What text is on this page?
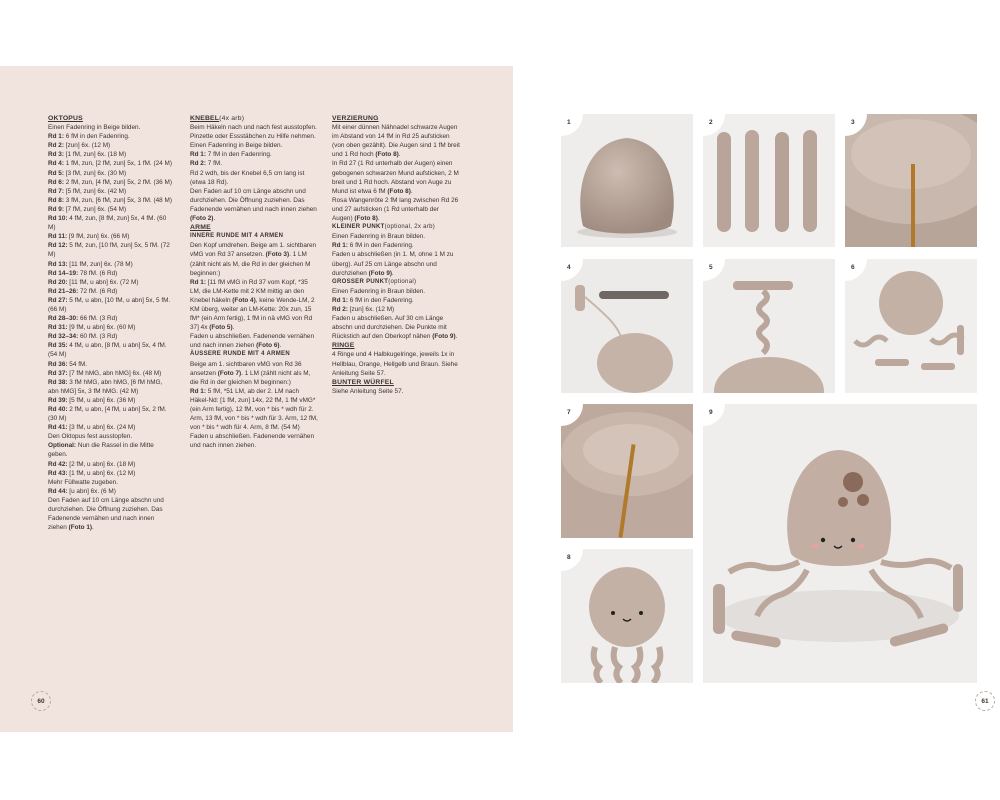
OKTOPUS

Einen Fadenring in Beige bilden.

Rd 1: 6 fM in den Fadenring.

Rd 2: [zun] 6x. (12 M)

Rd 3: [1 fM, zun] 6x. (18 M)

Rd 4: 1 fM, zun, [2 fM, zun] 5x, 1 fM. (24 M)

Rd 5: [3 fM, zun] 6x. (30 M)

Rd 6: 2 fM, zun, [4 fM, zun] 5x, 2 fM. (36 M)

Rd 7: [5 fM, zun] 6x. (42 M)

Rd 8: 3 fM, zun, [6 fM, zun] 5x, 3 fM. (48 M)

Rd 9: [7 fM, zun] 6x. (54 M)

Rd 10: 4 fM, zun, [8 fM, zun] 5x, 4 fM. (60 M)

Rd 11: [9 fM, zun] 6x. (66 M)

Rd 12: 5 fM, zun, [10 fM, zun] 5x, 5 fM. (72 M)

Rd 13: [11 fM, zun] 6x. (78 M)

Rd 14–19: 78 fM. (6 Rd)

Rd 20: [11 fM, u abn] 6x. (72 M)

Rd 21–26: 72 fM. (6 Rd)

Rd 27: 5 fM, u abn, [10 fM, u abn] 5x, 5 fM. (66 M)

Rd 28–30: 66 fM. (3 Rd)

Rd 31: [9 fM, u abn] 6x. (60 M)

Rd 32–34: 60 fM. (3 Rd)

Rd 35: 4 fM, u abn, [8 fM, u abn] 5x, 4 fM. (54 M)

Rd 36: 54 fM.

Rd 37: [7 fM hMG, abn hMG] 6x. (48 M)

Rd 38: 3 fM hMG, abn hMG, [6 fM hMG, abn hMG] 5x, 3 fM hMG. (42 M)

Rd 39: [5 fM, u abn] 6x. (36 M)

Rd 40: 2 fM, u abn, [4 fM, u abn] 5x, 2 fM. (30 M)

Rd 41: [3 fM, u abn] 6x. (24 M)

Den Oktopus fest ausstopfen.

Optional: Nun die Rassel in die Mitte geben.

Rd 42: [2 fM, u abn] 6x. (18 M)

Rd 43: [1 fM, u abn] 6x. (12 M)

Mehr Füllwatte zugeben.

Rd 44: [u abn] 6x. (6 M)

Den Faden auf 10 cm Länge abschn und durchziehen. Die Öffnung zuziehen. Das Fadenende vernähen und nach innen ziehen (Foto 1).

KNEBEL(4x arb)

Beim Häkeln nach und nach fest ausstopfen. Pinzette oder Essstäbchen zu Hilfe nehmen.

Einen Fadenring in Beige bilden.

Rd 1: 7 fM in den Fadenring.

Rd 2: 7 fM.

Rd 2 wdh, bis der Knebel 6,5 cm lang ist (etwa 18 Rd).

Den Faden auf 10 cm Länge abschn und durchziehen. Die Öffnung zuziehen. Das Fadenende vernähen und nach innen ziehen (Foto 2).

ARME

INNERE RUNDE MIT 4 ARMEN

Den Kopf umdrehen. Beige am 1. sichtbaren vMG von Rd 37 ansetzen. (Foto 3). 1 LM (zählt nicht als M, die Rd in der gleichen M beginnen:)

Rd 1: [11 fM vMG in Rd 37 vom Kopf, *35 LM, die LM-Kette mit 2 KM mittig an den Knebel häkeln (Foto 4), keine Wende-LM, 2 KM überg, weiter an LM-Kette: 20x zun, 15 fM* (ein Arm fertig), 1 fM in nä vMG von Rd 37] 4x (Foto 5).

Faden u abschließen. Fadenende vernähen und nach innen ziehen (Foto 6).

ÄUSSERE RUNDE MIT 4 ARMEN

Beige am 1. sichtbaren vMG von Rd 36 ansetzen (Foto 7). 1 LM (zählt nicht als M, die Rd in der gleichen M beginnen:)

Rd 1: 5 fM, *51 LM, ab der 2. LM nach Häkel-Nd: [1 fM, zun] 14x, 22 fM, 1 fM vMG* (ein Arm fertig), 12 fM, von * bis * wdh für 2. Arm, 13 fM, von * bis * wdh für 3. Arm, 12 fM, von * bis * wdh für 4. Arm, 8 fM. (54 M)

Faden u abschließen. Fadenende vernähen und nach innen ziehen.

VERZIERUNG

Mit einer dünnen Nähnadel schwarze Augen im Abstand von 14 fM in Rd 25 aufsticken (von oben gezählt). Die Augen sind 1 fM breit und 1 Rd hoch (Foto 8).

In Rd 27 (1 Rd unterhalb der Augen) einen gebogenen schwarzen Mund aufsticken, 2 M breit und 1 Rd hoch. Abstand von Auge zu Mund ist etwa 6 fM (Foto 8).

Rosa Wangenröte 2 fM lang zwischen Rd 26 und 27 aufsticken (1 Rd unterhalb der Augen) (Foto 8).

KLEINER PUNKT(optional, 2x arb)

Einen Fadenring in Braun bilden.

Rd 1: 6 fM in den Fadenring.

Faden u abschließen (in 1. M, ohne 1 M zu überg). Auf 25 cm Länge abschn und durchziehen (Foto 9).

GROSSER PUNKT(optional)

Einen Fadenring in Braun bilden.

Rd 1: 6 fM in den Fadenring.

Rd 2: [zun] 6x. (12 M)

Faden u abschließen. Auf 30 cm Länge abschn und durchziehen. Die Punkte mit Rückstich auf den Oberkopf nähen (Foto 9).

RINGE

4 Ringe und 4 Halbkugelringe, jeweils 1x in Hellblau, Orange, Hellgelb und Braun. Siehe Anleitung Seite 57.

BUNTER WÜRFEL

Siehe Anleitung Seite 57.

60	61
1	2	3
4	5	6
7
8
9
